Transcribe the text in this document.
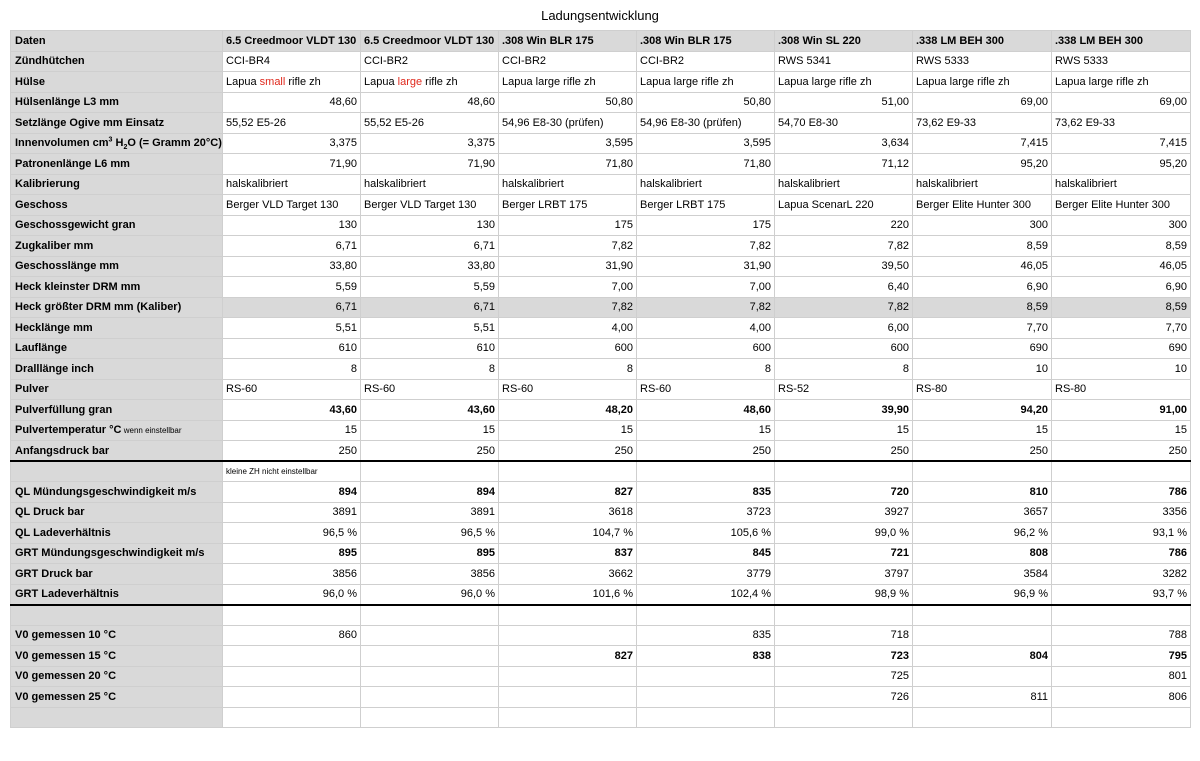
Ladungsentwicklung
Daten	6.5 Creedmoor VLDT 130	6.5 Creedmoor VLDT 130	.308 Win BLR 175	.308 Win BLR 175	.308 Win SL 220	.338 LM BEH 300	.338 LM BEH 300
Zündhütchen	CCI-BR4	CCI-BR2	CCI-BR2	CCI-BR2	RWS 5341	RWS 5333	RWS 5333
Hülse	Lapua small rifle zh	Lapua large rifle zh	Lapua large rifle zh	Lapua large rifle zh	Lapua large rifle zh	Lapua large rifle zh	Lapua large rifle zh
Hülsenlänge L3 mm	48,60	48,60	50,80	50,80	51,00	69,00	69,00
Setzlänge Ogive mm Einsatz	55,52 E5-26	55,52 E5-26	54,96 E8-30 (prüfen)	54,96 E8-30 (prüfen)	54,70 E8-30	73,62 E9-33	73,62 E9-33
Innenvolumen $cm^3$ $H_2O$ (= Gramm 20°C)	3,375	3,375	3,595	3,595	3,634	7,415	7,415
Patronenlänge L6 mm	71,90	71,90	71,80	71,80	71,12	95,20	95,20
Kalibrierung	halskalibriert	halskalibriert	halskalibriert	halskalibriert	halskalibriert	halskalibriert	halskalibriert
Geschoss	Berger VLD Target 130	Berger VLD Target 130	Berger LRBT 175	Berger LRBT 175	Lapua ScenarL 220	Berger Elite Hunter 300	Berger Elite Hunter 300
Geschossgewicht gran	130	130	175	175	220	300	300
Zugkaliber mm	6,71	6,71	7,82	7,82	7,82	8,59	8,59
Geschosslänge mm	33,80	33,80	31,90	31,90	39,50	46,05	46,05
Heck kleinster DRM mm	5,59	5,59	7,00	7,00	6,40	6,90	6,90
Heck größter DRM mm (Kaliber)	6,71	6,71	7,82	7,82	7,82	8,59	8,59
Hecklänge mm	5,51	5,51	4,00	4,00	6,00	7,70	7,70
Lauflänge	610	610	600	600	600	690	690
Dralllänge inch	8	8	8	8	8	10	10
Pulver	RS-60	RS-60	RS-60	RS-60	RS-52	RS-80	RS-80
Pulverfüllung gran	43,60	43,60	48,20	48,60	39,90	94,20	91,00
Pulvertemperatur °C wenn einstellbar	15	15	15	15	15	15	15
Anfangsdruck bar	250	250	250	250	250	250	250
	kleine ZH nicht einstellbar						
QL Mündungsgeschwindigkeit m/s	894	894	827	835	720	810	786
QL Druck bar	3891	3891	3618	3723	3927	3657	3356
QL Ladeverhältnis	96,5 %	96,5 %	104,7 %	105,6 %	99,0 %	96,2 %	93,1 %
GRT Mündungsgeschwindigkeit m/s	895	895	837	845	721	808	786
GRT Druck bar	3856	3856	3662	3779	3797	3584	3282
GRT Ladeverhältnis	96,0 %	96,0 %	101,6 %	102,4 %	98,9 %	96,9 %	93,7 %

V0 gemessen 10 °C	860			835	718		788
V0 gemessen 15 °C			827	838	723	804	795
V0 gemessen 20 °C					725		801
V0 gemessen 25 °C					726	811	806
